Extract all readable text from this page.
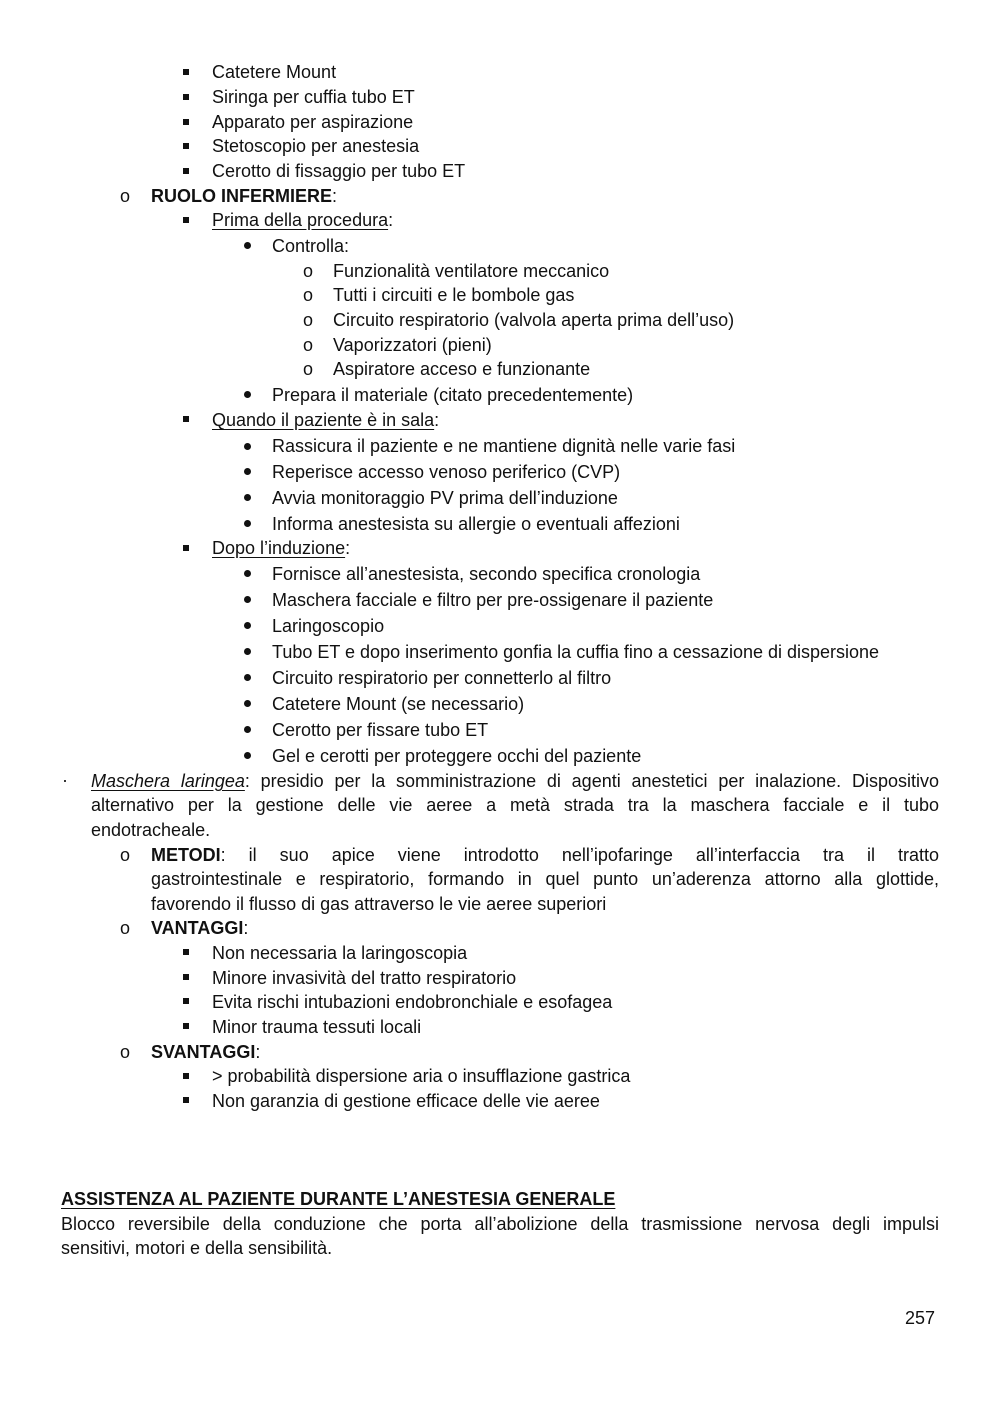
Catetere Mount
Siringa per cuffia tubo ET
Apparato per aspirazione
Stetoscopio per anestesia
Cerotto di fissaggio per tubo ET
o RUOLO INFERMIERE:
Prima della procedura:
Controlla:
o Funzionalità ventilatore meccanico
o Tutti i circuiti e le bombole gas
o Circuito respiratorio (valvola aperta prima dell’uso)
o Vaporizzatori (pieni)
o Aspiratore acceso e funzionante
Prepara il materiale (citato precedentemente)
Quando il paziente è in sala:
Rassicura il paziente e ne mantiene dignità nelle varie fasi
Reperisce accesso venoso periferico (CVP)
Avvia monitoraggio PV prima dell’induzione
Informa anestesista su allergie o eventuali affezioni
Dopo l’induzione:
Fornisce all’anestesista, secondo specifica cronologia
Maschera facciale e filtro per pre-ossigenare il paziente
Laringoscopio
Tubo ET e dopo inserimento gonfia la cuffia fino a cessazione di dispersione
Circuito respiratorio per connetterlo al filtro
Catetere Mount (se necessario)
Cerotto per fissare tubo ET
Gel e cerotti per proteggere occhi del paziente
· Maschera laringea: presidio per la somministrazione di agenti anestetici per inalazione. Dispositivo
alternativo per la gestione delle vie aeree a metà strada tra la maschera facciale e il tubo
endotracheale.
o METODI: il suo apice viene introdotto nell’ipofaringe all’interfaccia tra il tratto
gastrointestinale e respiratorio, formando in quel punto un’aderenza attorno alla glottide,
favorendo il flusso di gas attraverso le vie aeree superiori
o VANTAGGI:
Non necessaria la laringoscopia
Minore invasività del tratto respiratorio
Evita rischi intubazioni endobronchiale e esofagea
Minor trauma tessuti locali
o SVANTAGGI:
> probabilità dispersione aria o insufflazione gastrica
Non garanzia di gestione efficace delle vie aeree
ASSISTENZA AL PAZIENTE DURANTE L’ANESTESIA GENERALE
Blocco reversibile della conduzione che porta all’abolizione della trasmissione nervosa degli impulsi
sensitivi, motori e della sensibilità.
257
